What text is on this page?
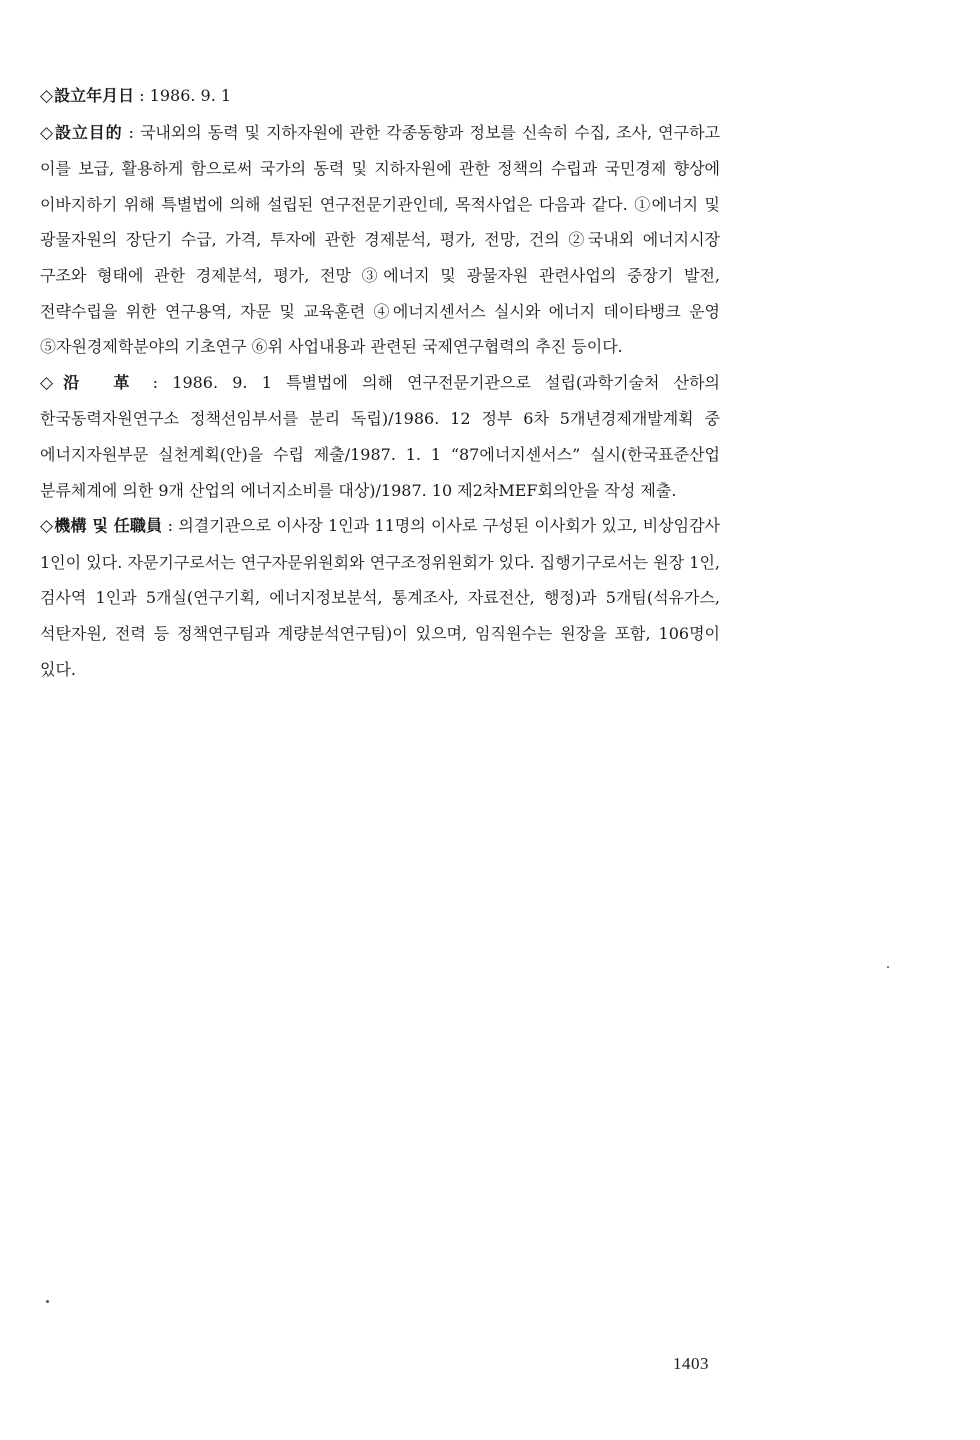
◇設立年月日 : 1986. 9. 1

◇設立目的 : 국내외의 동력 및 지하자원에 관한 각종동향과 정보를 신속히 수집, 조사, 연구하고 이를 보급, 활용하게 함으로써 국가의 동력 및 지하자원에 관한 정책의 수립과 국민경제 향상에 이바지하기 위해 특별법에 의해 설립된 연구전문기관인데, 목적사업은 다음과 같다. ①에너지 및 광물자원의 장단기 수급, 가격, 투자에 관한 경제분석, 평가, 전망, 건의 ②국내외 에너지시장 구조와 형태에 관한 경제분석, 평가, 전망 ③에너지 및 광물자원 관련사업의 중장기 발전, 전략수립을 위한 연구용역, 자문 및 교육훈련 ④에너지센서스 실시와 에너지 데이타뱅크 운영 ⑤자원경제학분야의 기초연구 ⑥위 사업내용과 관련된 국제연구협력의 추진 등이다.

◇沿　革 : 1986. 9. 1 특별법에 의해 연구전문기관으로 설립(과학기술처 산하의 한국동력자원연구소 정책선임부서를 분리 독립)/1986. 12 정부 6차 5개년경제개발계획 중 에너지자원부문 실천계획(안)을 수립 제출/1987. 1. 1 “87에너지센서스” 실시(한국표준산업 분류체계에 의한 9개 산업의 에너지소비를 대상)/1987. 10 제2차MEF회의안을 작성 제출.

◇機構 및 任職員 : 의결기관으로 이사장 1인과 11명의 이사로 구성된 이사회가 있고, 비상임감사 1인이 있다. 자문기구로서는 연구자문위원회와 연구조정위원회가 있다. 집행기구로서는 원장 1인, 검사역 1인과 5개실(연구기획, 에너지정보분석, 통계조사, 자료전산, 행정)과 5개팀(석유가스, 석탄자원, 전력 등 정책연구팀과 계량분석연구팀)이 있으며, 임직원수는 원장을 포함, 106명이 있다.

1403
